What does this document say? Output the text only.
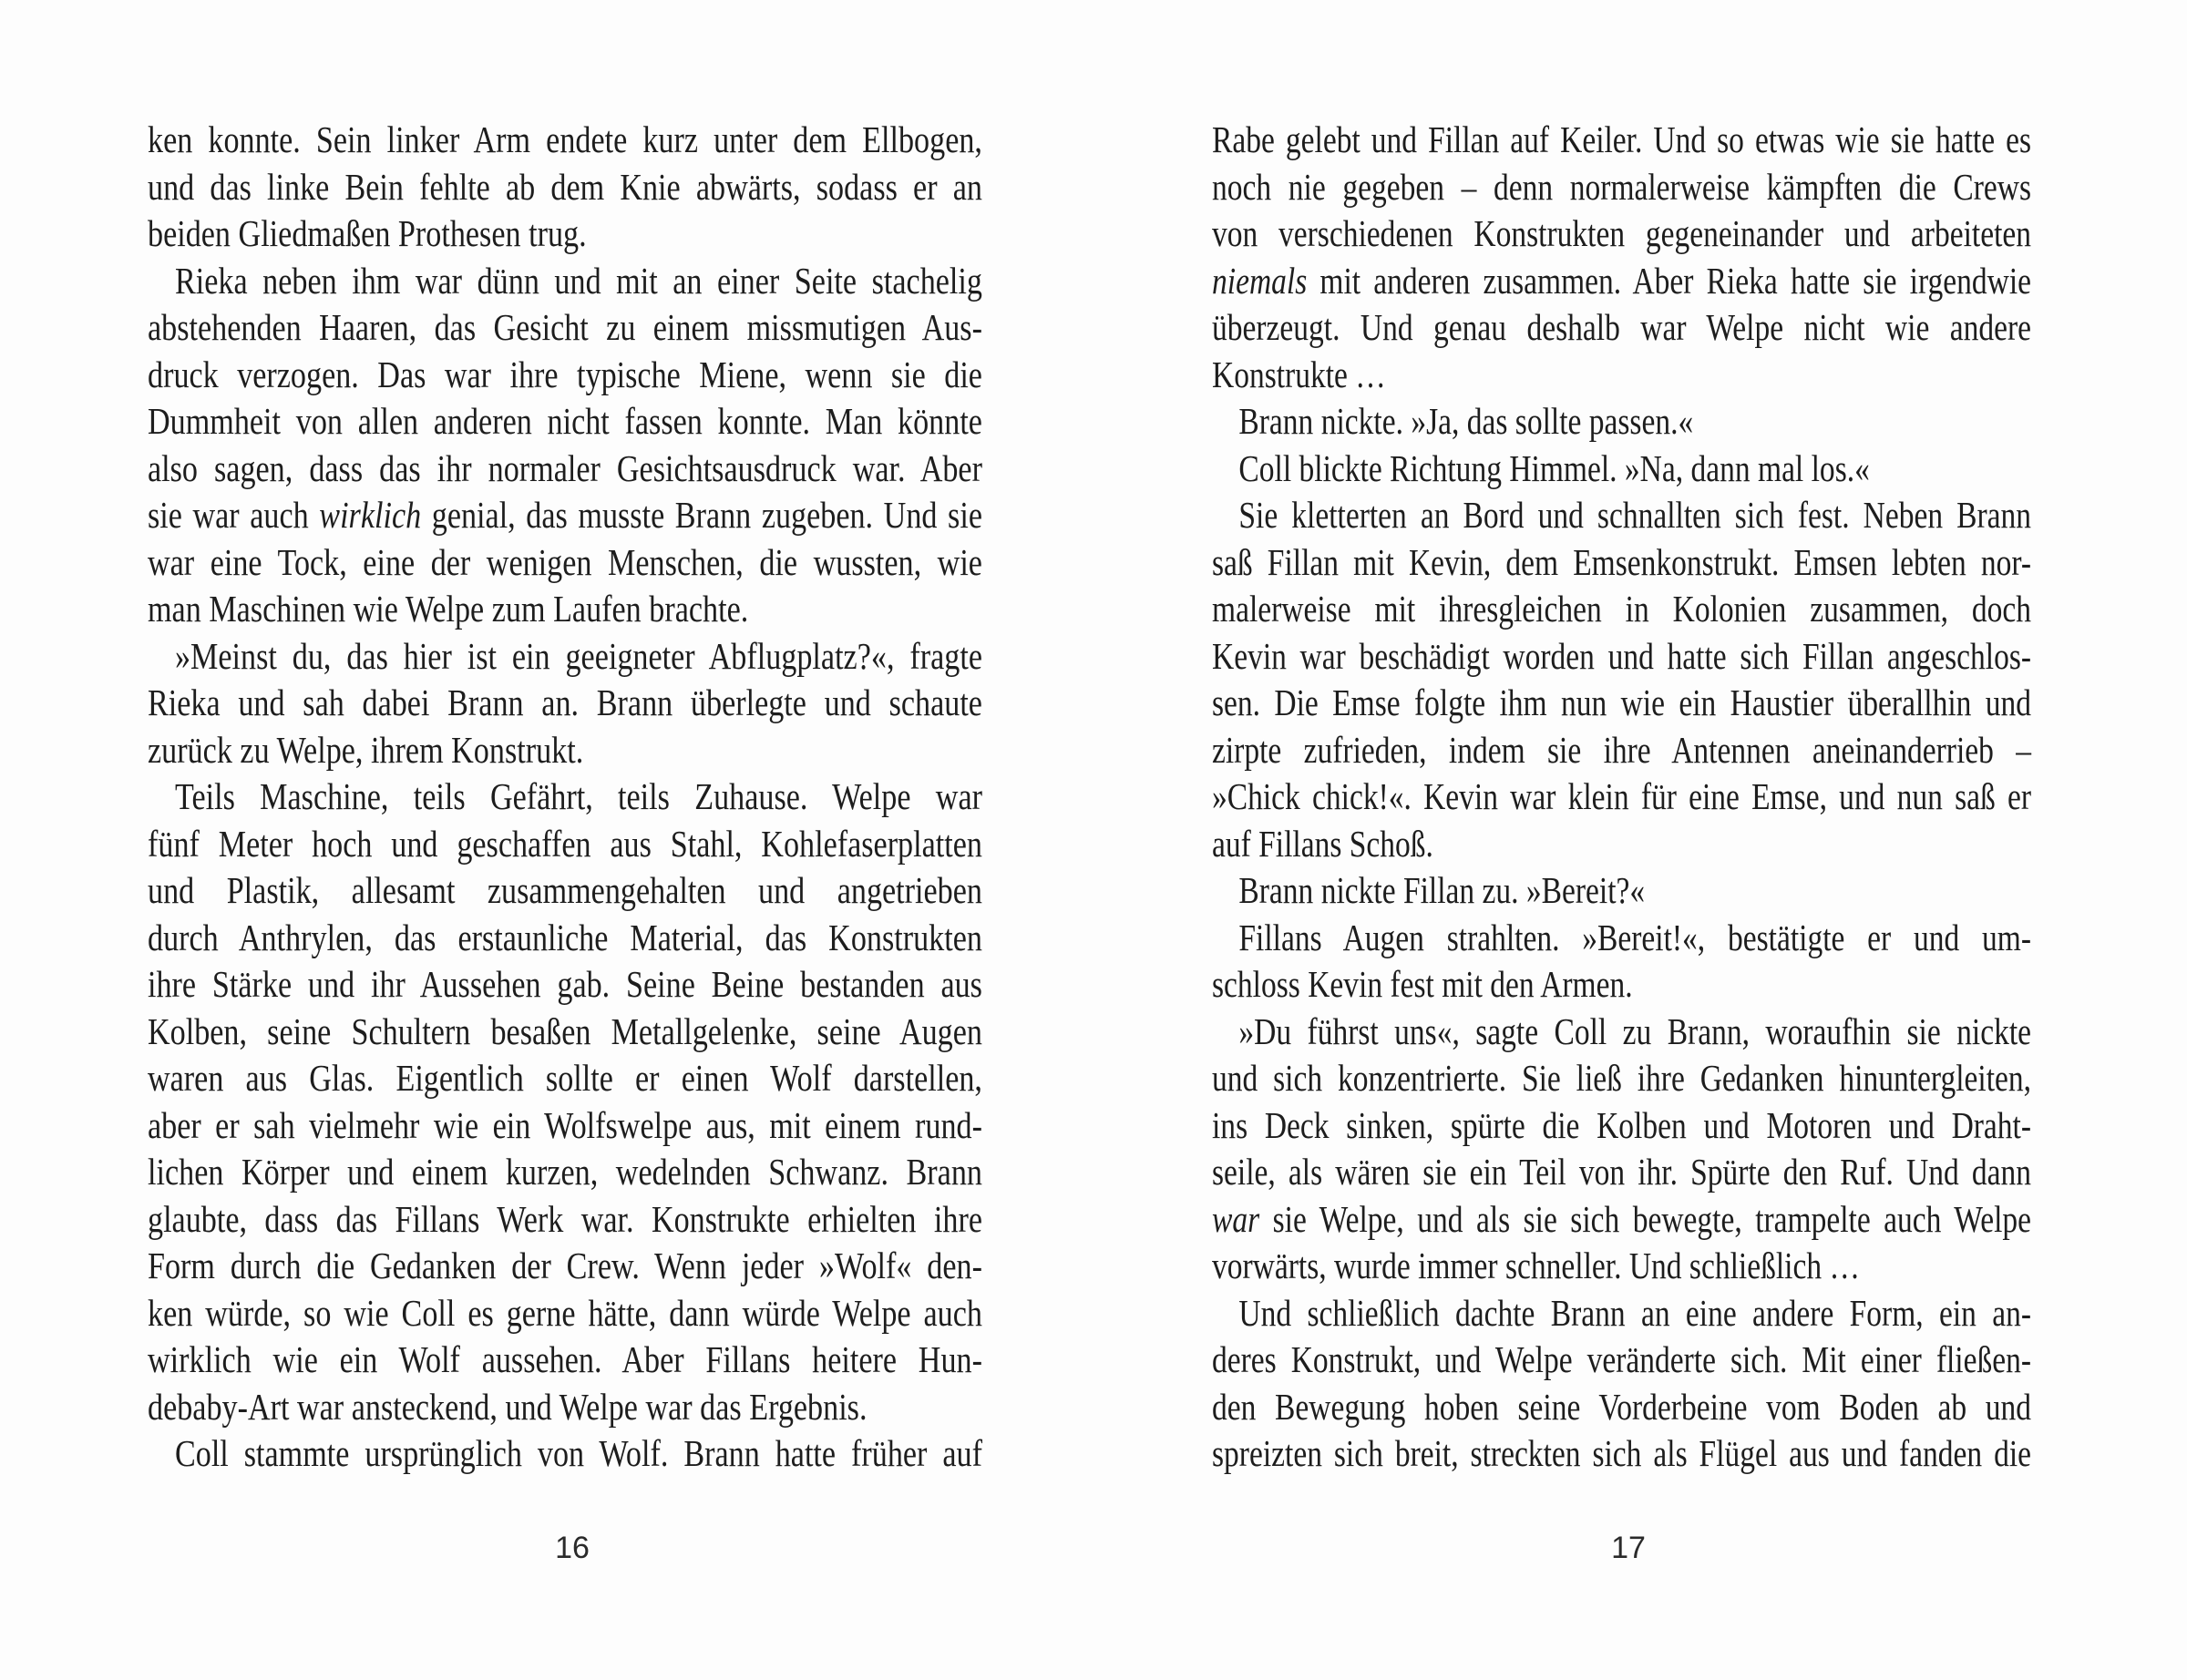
ken konnte. Sein linker Arm endete kurz unter dem Ellbogen,
und das linke Bein fehlte ab dem Knie abwärts, sodass er an
beiden Gliedmaßen Prothesen trug.
Rieka neben ihm war dünn und mit an einer Seite stachelig
abstehenden Haaren, das Gesicht zu einem missmutigen Aus-
druck verzogen. Das war ihre typische Miene, wenn sie die
Dummheit von allen anderen nicht fassen konnte. Man könnte
also sagen, dass das ihr normaler Gesichtsausdruck war. Aber
sie war auch wirklich genial, das musste Brann zugeben. Und sie
war eine Tock, eine der wenigen Menschen, die wussten, wie
man Maschinen wie Welpe zum Laufen brachte.
»Meinst du, das hier ist ein geeigneter Abflugplatz?«, fragte
Rieka und sah dabei Brann an. Brann überlegte und schaute
zurück zu Welpe, ihrem Konstrukt.
Teils Maschine, teils Gefährt, teils Zuhause. Welpe war
fünf Meter hoch und geschaffen aus Stahl, Kohlefaserplatten
und Plastik, allesamt zusammengehalten und angetrieben
durch Anthrylen, das erstaunliche Material, das Konstrukten
ihre Stärke und ihr Aussehen gab. Seine Beine bestanden aus
Kolben, seine Schultern besaßen Metallgelenke, seine Augen
waren aus Glas. Eigentlich sollte er einen Wolf darstellen,
aber er sah vielmehr wie ein Wolfswelpe aus, mit einem rund-
lichen Körper und einem kurzen, wedelnden Schwanz. Brann
glaubte, dass das Fillans Werk war. Konstrukte erhielten ihre
Form durch die Gedanken der Crew. Wenn jeder »Wolf« den-
ken würde, so wie Coll es gerne hätte, dann würde Welpe auch
wirklich wie ein Wolf aussehen. Aber Fillans heitere Hun-
debaby-Art war ansteckend, und Welpe war das Ergebnis.
Coll stammte ursprünglich von Wolf. Brann hatte früher auf
16
Rabe gelebt und Fillan auf Keiler. Und so etwas wie sie hatte es
noch nie gegeben – denn normalerweise kämpften die Crews
von verschiedenen Konstrukten gegeneinander und arbeiteten
niemals mit anderen zusammen. Aber Rieka hatte sie irgendwie
überzeugt. Und genau deshalb war Welpe nicht wie andere
Konstrukte …
Brann nickte. »Ja, das sollte passen.«
Coll blickte Richtung Himmel. »Na, dann mal los.«
Sie kletterten an Bord und schnallten sich fest. Neben Brann
saß Fillan mit Kevin, dem Emsenkonstrukt. Emsen lebten nor-
malerweise mit ihresgleichen in Kolonien zusammen, doch
Kevin war beschädigt worden und hatte sich Fillan angeschlos-
sen. Die Emse folgte ihm nun wie ein Haustier überallhin und
zirpte zufrieden, indem sie ihre Antennen aneinanderrieb –
»Chick chick!«. Kevin war klein für eine Emse, und nun saß er
auf Fillans Schoß.
Brann nickte Fillan zu. »Bereit?«
Fillans Augen strahlten. »Bereit!«, bestätigte er und um-
schloss Kevin fest mit den Armen.
»Du führst uns«, sagte Coll zu Brann, woraufhin sie nickte
und sich konzentrierte. Sie ließ ihre Gedanken hinuntergleiten,
ins Deck sinken, spürte die Kolben und Motoren und Draht-
seile, als wären sie ein Teil von ihr. Spürte den Ruf. Und dann
war sie Welpe, und als sie sich bewegte, trampelte auch Welpe
vorwärts, wurde immer schneller. Und schließlich …
Und schließlich dachte Brann an eine andere Form, ein an-
deres Konstrukt, und Welpe veränderte sich. Mit einer fließen-
den Bewegung hoben seine Vorderbeine vom Boden ab und
spreizten sich breit, streckten sich als Flügel aus und fanden die
17
